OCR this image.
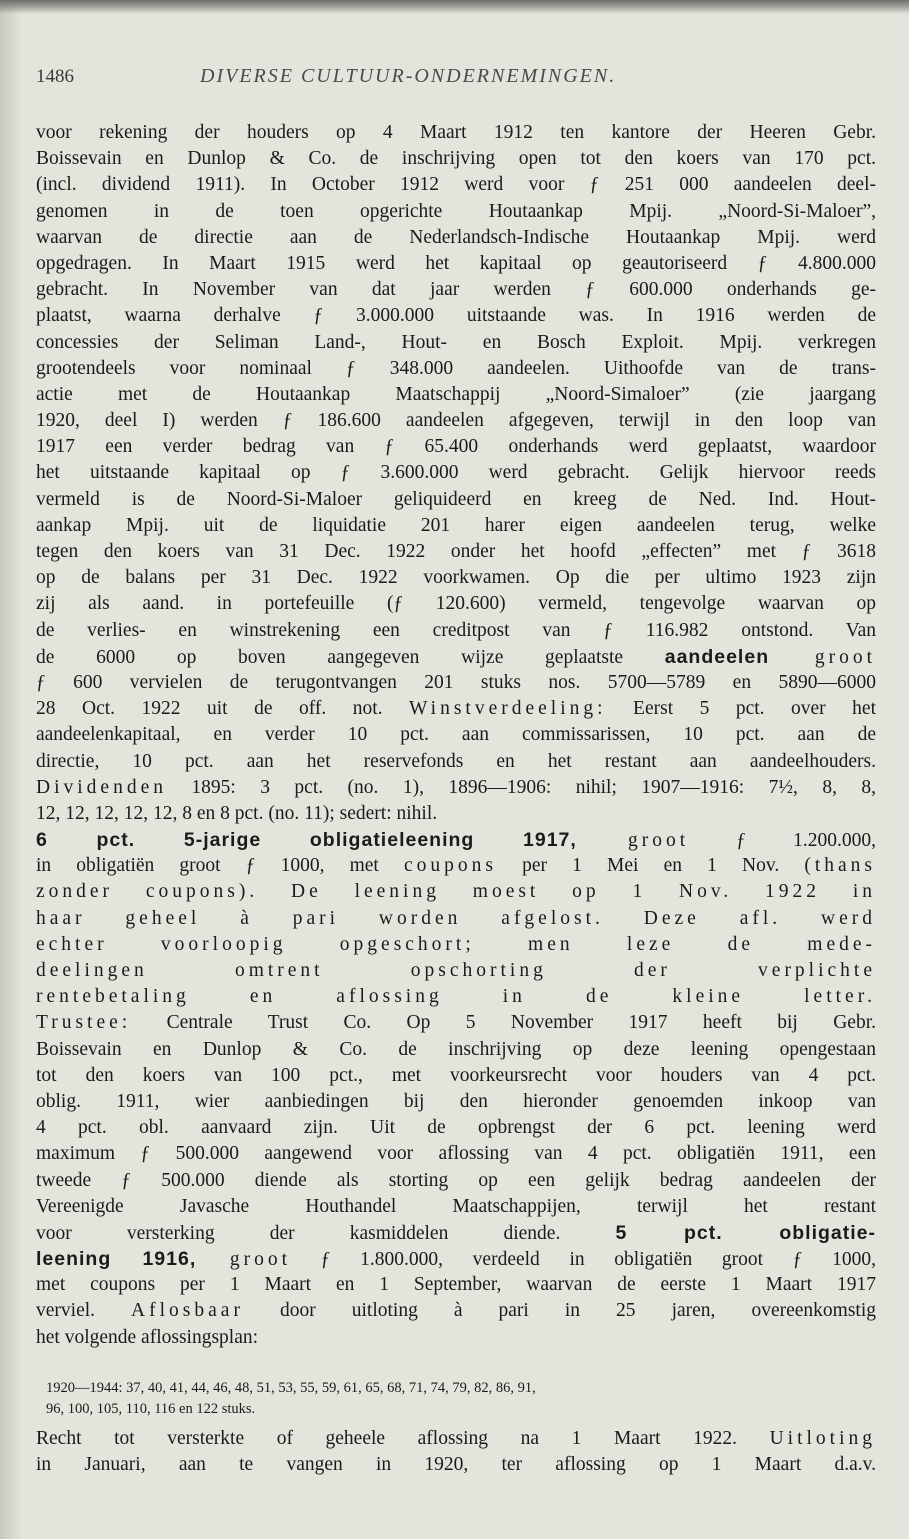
1486	DIVERSE CULTUUR-ONDERNEMINGEN.
voor rekening der houders op 4 Maart 1912 ten kantore der Heeren Gebr.
Boissevain en Dunlop & Co. de inschrijving open tot den koers van 170 pct.
(incl. dividend 1911). In October 1912 werd voor ƒ 251 000 aandeelen deel-
genomen in de toen opgerichte Houtaankap Mpij. „Noord-Si-Maloer”,
waarvan de directie aan de Nederlandsch-Indische Houtaankap Mpij. werd
opgedragen. In Maart 1915 werd het kapitaal op geautoriseerd ƒ 4.800.000
gebracht. In November van dat jaar werden ƒ 600.000 onderhands ge-
plaatst, waarna derhalve ƒ 3.000.000 uitstaande was. In 1916 werden de
concessies der Seliman Land-, Hout- en Bosch Exploit. Mpij. verkregen
grootendeels voor nominaal ƒ 348.000 aandeelen. Uithoofde van de trans-
actie met de Houtaankap Maatschappij „Noord-Simaloer” (zie jaargang
1920, deel I) werden ƒ 186.600 aandeelen afgegeven, terwijl in den loop van
1917 een verder bedrag van ƒ 65.400 onderhands werd geplaatst, waardoor
het uitstaande kapitaal op ƒ 3.600.000 werd gebracht. Gelijk hiervoor reeds
vermeld is de Noord-Si-Maloer geliquideerd en kreeg de Ned. Ind. Hout-
aankap Mpij. uit de liquidatie 201 harer eigen aandeelen terug, welke
tegen den koers van 31 Dec. 1922 onder het hoofd „effecten” met ƒ 3618
op de balans per 31 Dec. 1922 voorkwamen. Op die per ultimo 1923 zijn
zij als aand. in portefeuille (ƒ 120.600) vermeld, tengevolge waarvan op
de verlies- en winstrekening een creditpost van ƒ 116.982 ontstond. Van
de 6000 op boven aangegeven wijze geplaatste aandeelen groot
ƒ 600 vervielen de terugontvangen 201 stuks nos. 5700—5789 en 5890—6000
28 Oct. 1922 uit de off. not. Winstverdeeling: Eerst 5 pct. over het
aandeelenkapitaal, en verder 10 pct. aan commissarissen, 10 pct. aan de
directie, 10 pct. aan het reservefonds en het restant aan aandeelhouders.
Dividenden 1895: 3 pct. (no. 1), 1896—1906: nihil; 1907—1916: 7½, 8, 8,
12, 12, 12, 12, 12, 8 en 8 pct. (no. 11); sedert: nihil.
6 pct. 5-jarige obligatieleening 1917, groot ƒ 1.200.000,
in obligatiën groot ƒ 1000, met coupons per 1 Mei en 1 Nov. (thans
zonder coupons). De leening moest op 1 Nov. 1922 in
haar geheel à pari worden afgelost. Deze afl. werd
echter voorloopig opgeschort; men leze de mede-
deelingen omtrent opschorting der verplichte
rentebetaling en aflossing in de kleine letter.
Trustee: Centrale Trust Co. Op 5 November 1917 heeft bij Gebr.
Boissevain en Dunlop & Co. de inschrijving op deze leening opengestaan
tot den koers van 100 pct., met voorkeursrecht voor houders van 4 pct.
oblig. 1911, wier aanbiedingen bij den hieronder genoemden inkoop van
4 pct. obl. aanvaard zijn. Uit de opbrengst der 6 pct. leening werd
maximum ƒ 500.000 aangewend voor aflossing van 4 pct. obligatiën 1911, een
tweede ƒ 500.000 diende als storting op een gelijk bedrag aandeelen der
Vereenigde Javasche Houthandel Maatschappijen, terwijl het restant
voor versterking der kasmiddelen diende. 5 pct. obligatie-
leening 1916, groot ƒ 1.800.000, verdeeld in obligatiën groot ƒ 1000,
met coupons per 1 Maart en 1 September, waarvan de eerste 1 Maart 1917
verviel. Aflosbaar door uitloting à pari in 25 jaren, overeenkomstig
het volgende aflossingsplan:
1920—1944: 37, 40, 41, 44, 46, 48, 51, 53, 55, 59, 61, 65, 68, 71, 74, 79, 82, 86, 91,
96, 100, 105, 110, 116 en 122 stuks.
Recht tot versterkte of geheele aflossing na 1 Maart 1922. Uitloting
in Januari, aan te vangen in 1920, ter aflossing op 1 Maart d.a.v.
